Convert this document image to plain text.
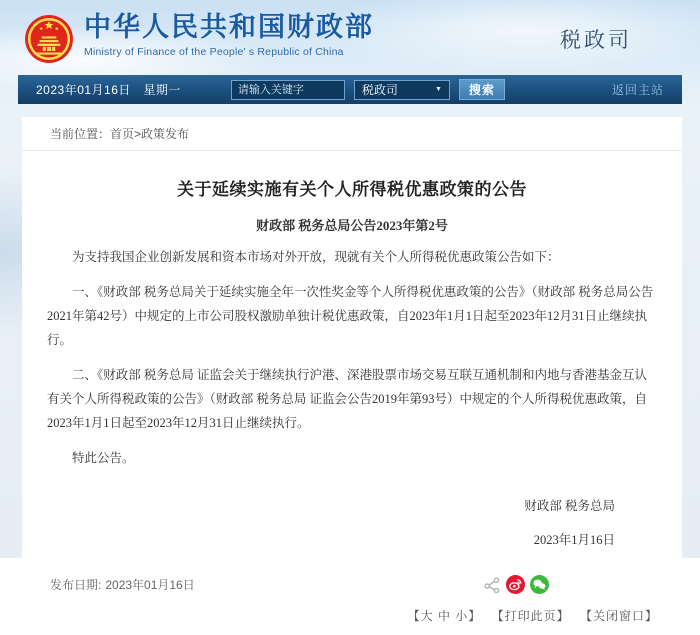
中华人民共和国财政部
Ministry of Finance of the People' s Republic of China
税政司
2023年01月16日　星期一
请输入关键字	税政司	▼	搜索	返回主站
当前位置：首页>政策发布
关于延续实施有关个人所得税优惠政策的公告
财政部 税务总局公告2023年第2号

为支持我国企业创新发展和资本市场对外开放，现就有关个人所得税优惠政策公告如下：

一、《财政部 税务总局关于延续实施全年一次性奖金等个人所得税优惠政策的公告》（财政部 税务总局公告2021年第42号）中规定的上市公司股权激励单独计税优惠政策，自2023年1月1日起至2023年12月31日止继续执行。

二、《财政部 税务总局 证监会关于继续执行沪港、深港股票市场交易互联互通机制和内地与香港基金互认有关个人所得税政策的公告》（财政部 税务总局 证监会公告2019年第93号）中规定的个人所得税优惠政策，自2023年1月1日起至2023年12月31日止继续执行。

特此公告。

财政部 税务总局
2023年1月16日
发布日期: 2023年01月16日
【大 中 小】 【打印此页】 【关闭窗口】
